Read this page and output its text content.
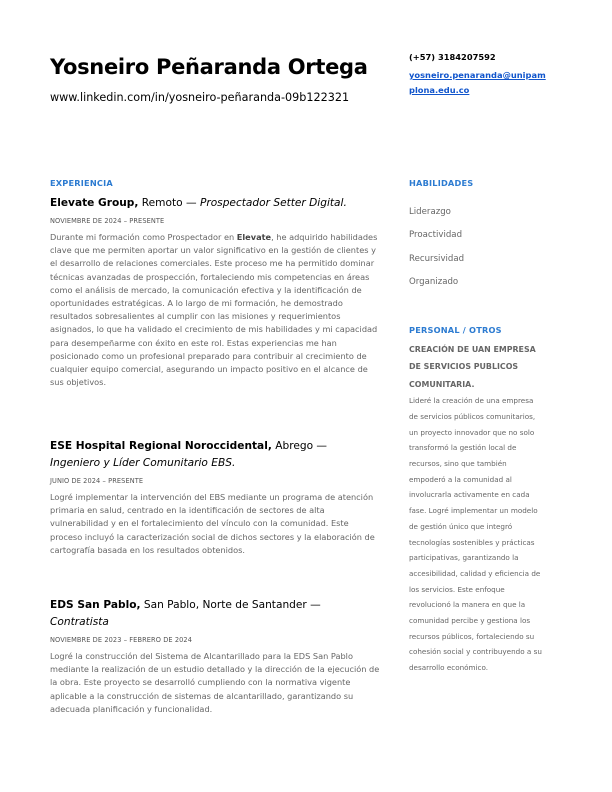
Yosneiro Peñaranda Ortega
www.linkedin.com/in/yosneiro-peñaranda-09b122321

(+57) 3184207592

yosneiro.penaranda@unipamplona.edu.co

EXPERIENCIA

Elevate Group, Remoto — Prospectador Setter Digital.

NOVIEMBRE DE 2024 – PRESENTE

Durante mi formación como Prospectador en Elevate, he adquirido habilidades clave que me permiten aportar un valor significativo en la gestión de clientes y el desarrollo de relaciones comerciales. Este proceso me ha permitido dominar técnicas avanzadas de prospección, fortaleciendo mis competencias en áreas como el análisis de mercado, la comunicación efectiva y la identificación de oportunidades estratégicas. A lo largo de mi formación, he demostrado resultados sobresalientes al cumplir con las misiones y requerimientos asignados, lo que ha validado el crecimiento de mis habilidades y mi capacidad para desempeñarme con éxito en este rol. Estas experiencias me han posicionado como un profesional preparado para contribuir al crecimiento de cualquier equipo comercial, asegurando un impacto positivo en el alcance de sus objetivos.

ESE Hospital Regional Noroccidental, Abrego — Ingeniero y Líder Comunitario EBS.

JUNIO DE 2024 – PRESENTE

Logré implementar la intervención del EBS mediante un programa de atención primaria en salud, centrado en la identificación de sectores de alta vulnerabilidad y en el fortalecimiento del vínculo con la comunidad. Este proceso incluyó la caracterización social de dichos sectores y la elaboración de cartografía basada en los resultados obtenidos.

EDS San Pablo, San Pablo, Norte de Santander — Contratista

NOVIEMBRE DE 2023 – FEBRERO DE 2024

Logré la construcción del Sistema de Alcantarillado para la EDS San Pablo mediante la realización de un estudio detallado y la dirección de la ejecución de la obra. Este proyecto se desarrolló cumpliendo con la normativa vigente aplicable a la construcción de sistemas de alcantarillado, garantizando su adecuada planificación y funcionalidad.

HABILIDADES
Liderazgo
Proactividad
Recursividad
Organizado
PERSONAL / OTROS

CREACIÓN DE UAN EMPRESA DE SERVICIOS PUBLICOS COMUNITARIA.

Lideré la creación de una empresa de servicios públicos comunitarios, un proyecto innovador que no solo transformó la gestión local de recursos, sino que también empoderó a la comunidad al involucrarla activamente en cada fase. Logré implementar un modelo de gestión único que integró tecnologías sostenibles y prácticas participativas, garantizando la accesibilidad, calidad y eficiencia de los servicios. Este enfoque revolucionó la manera en que la comunidad percibe y gestiona los recursos públicos, fortaleciendo su cohesión social y contribuyendo a su desarrollo económico.
